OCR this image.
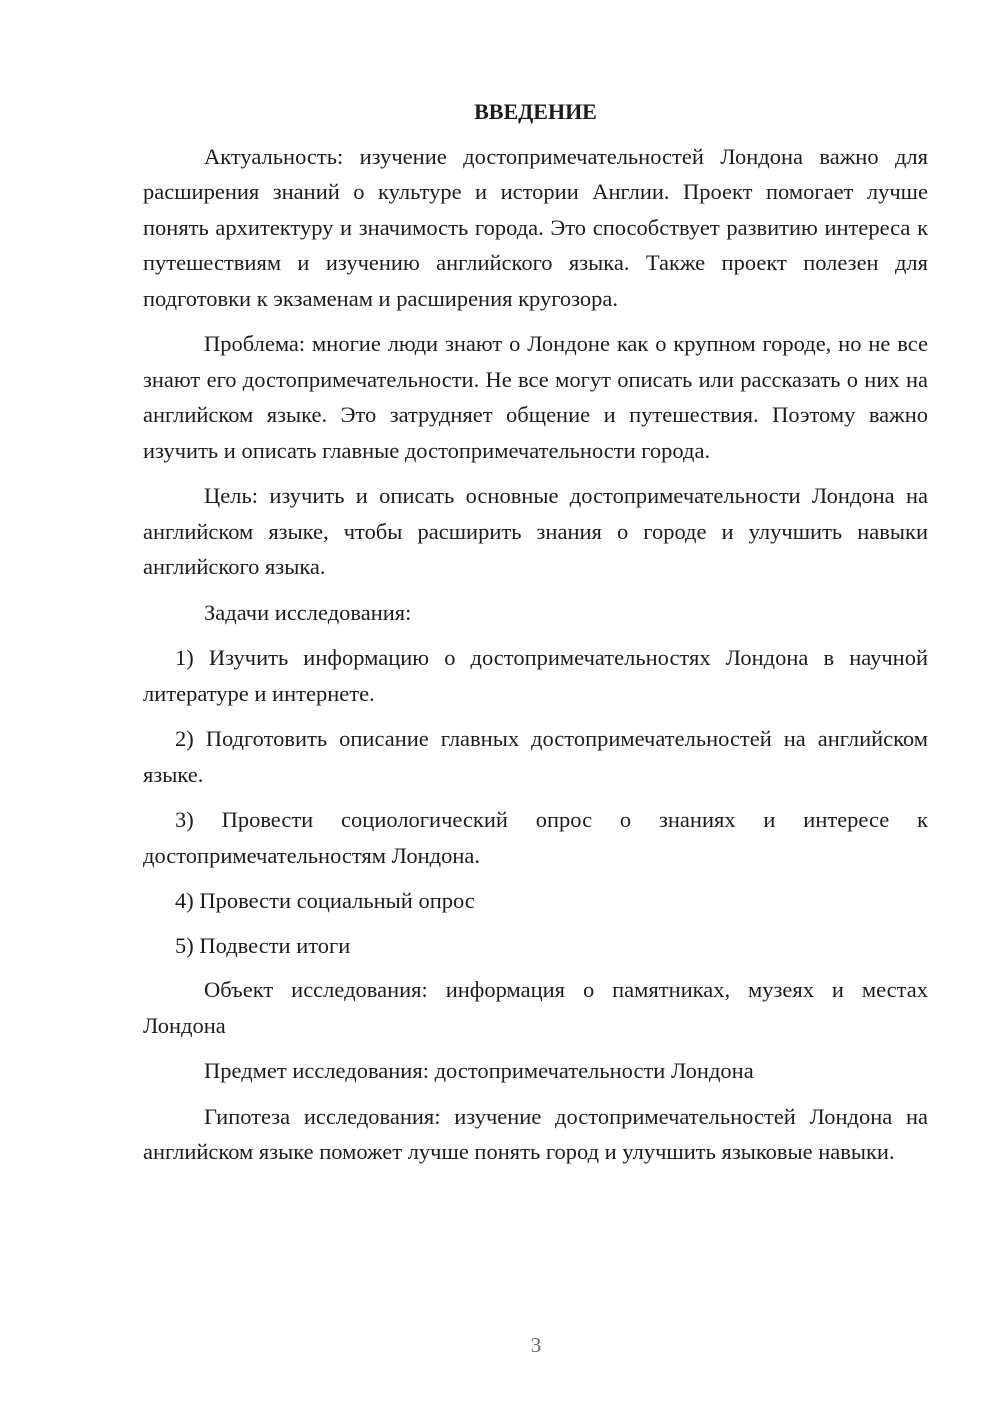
ВВЕДЕНИЕ

Актуальность: изучение достопримечательностей Лондона важно для расширения знаний о культуре и истории Англии. Проект помогает лучше понять архитектуру и значимость города. Это способствует развитию интереса к путешествиям и изучению английского языка. Также проект полезен для подготовки к экзаменам и расширения кругозора.

Проблема: многие люди знают о Лондоне как о крупном городе, но не все знают его достопримечательности. Не все могут описать или рассказать о них на английском языке. Это затрудняет общение и путешествия. Поэтому важно изучить и описать главные достопримечательности города.

Цель: изучить и описать основные достопримечательности Лондона на английском языке, чтобы расширить знания о городе и улучшить навыки английского языка.

Задачи исследования:

1) Изучить информацию о достопримечательностях Лондона в научной литературе и интернете.

2) Подготовить описание главных достопримечательностей на английском языке.

3) Провести социологический опрос о знаниях и интересе к достопримечательностям Лондона.

4) Провести социальный опрос

5) Подвести итоги

Объект исследования: информация о памятниках, музеях и местах Лондона

Предмет исследования: достопримечательности Лондона

Гипотеза исследования: изучение достопримечательностей Лондона на английском языке поможет лучше понять город и улучшить языковые навыки.

3
